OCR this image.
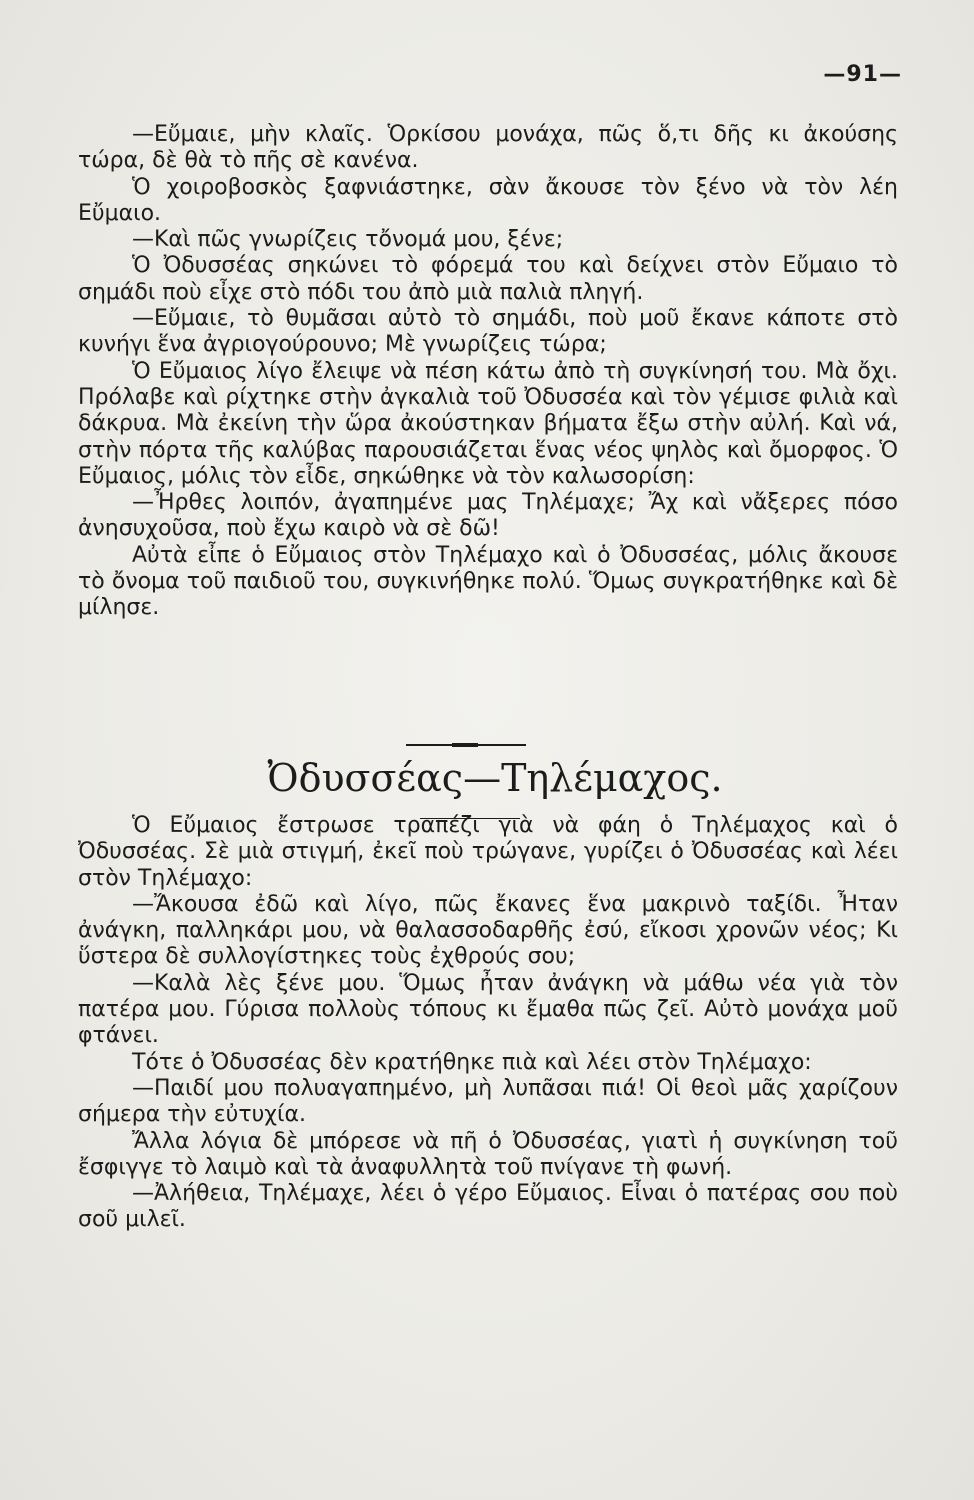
—91—

—Εὔμαιε, μὴν κλαῖς. Ὁρκίσου μονάχα, πῶς ὅ,τι δῆς κι ἀκούσης τώρα, δὲ θὰ τὸ πῆς σὲ κανένα.

Ὁ χοιροβοσκὸς ξαφνιάστηκε, σὰν ἄκουσε τὸν ξένο νὰ τὸν λέη Εὔμαιο.

—Καὶ πῶς γνωρίζεις τὄνομά μου, ξένε;

Ὁ Ὀδυσσέας σηκώνει τὸ φόρεμά του καὶ δείχνει στὸν Εὔμαιο τὸ σημάδι ποὺ εἶχε στὸ πόδι του ἀπὸ μιὰ παλιὰ πληγή.

—Εὔμαιε, τὸ θυμᾶσαι αὐτὸ τὸ σημάδι, ποὺ μοῦ ἔκανε κάποτε στὸ κυνήγι ἕνα ἀγριογούρουνο; Μὲ γνωρίζεις τώρα;

Ὁ Εὔμαιος λίγο ἔλειψε νὰ πέση κάτω ἀπὸ τὴ συγκίνησή του. Μὰ ὄχι. Πρόλαβε καὶ ρίχτηκε στὴν ἀγκαλιὰ τοῦ Ὀδυσσέα καὶ τὸν γέμισε φιλιὰ καὶ δάκρυα. Μὰ ἐκείνη τὴν ὥρα ἀκούστηκαν βήματα ἔξω στὴν αὐλή. Καὶ νά, στὴν πόρτα τῆς καλύβας παρουσιάζεται ἕνας νέος ψηλὸς καὶ ὄμορφος. Ὁ Εὔμαιος, μόλις τὸν εἶδε, σηκώθηκε νὰ τὸν καλωσορίση:

—Ἦρθες λοιπόν, ἀγαπημένε μας Τηλέμαχε; Ἄχ καὶ νἄξερες πόσο ἀνησυχοῦσα, ποὺ ἔχω καιρὸ νὰ σὲ δῶ!

Αὐτὰ εἶπε ὁ Εὔμαιος στὸν Τηλέμαχο καὶ ὁ Ὀδυσσέας, μόλις ἄκουσε τὸ ὄνομα τοῦ παιδιοῦ του, συγκινήθηκε πολύ. Ὅμως συγκρατήθηκε καὶ δὲ μίλησε.

Ὀδυσσέας—Τηλέμαχος.

Ὁ Εὔμαιος ἔστρωσε τραπέζι γιὰ νὰ φάη ὁ Τηλέμαχος καὶ ὁ Ὀδυσσέας. Σὲ μιὰ στιγμή, ἐκεῖ ποὺ τρώγανε, γυρίζει ὁ Ὀδυσσέας καὶ λέει στὸν Τηλέμαχο:

—Ἄκουσα ἐδῶ καὶ λίγο, πῶς ἔκανες ἕνα μακρινὸ ταξίδι. Ἦταν ἀνάγκη, παλληκάρι μου, νὰ θαλασσοδαρθῆς ἐσύ, εἴκοσι χρονῶν νέος; Κι ὕστερα δὲ συλλογίστηκες τοὺς ἐχθρούς σου;

—Καλὰ λὲς ξένε μου. Ὅμως ἦταν ἀνάγκη νὰ μάθω νέα γιὰ τὸν πατέρα μου. Γύρισα πολλοὺς τόπους κι ἔμαθα πῶς ζεῖ. Αὐτὸ μονάχα μοῦ φτάνει.

Τότε ὁ Ὀδυσσέας δὲν κρατήθηκε πιὰ καὶ λέει στὸν Τηλέμαχο:

—Παιδί μου πολυαγαπημένο, μὴ λυπᾶσαι πιά! Οἱ θεοὶ μᾶς χαρίζουν σήμερα τὴν εὐτυχία.

Ἄλλα λόγια δὲ μπόρεσε νὰ πῆ ὁ Ὀδυσσέας, γιατὶ ἡ συγκίνηση τοῦ ἔσφιγγε τὸ λαιμὸ καὶ τὰ ἀναφυλλητὰ τοῦ πνίγανε τὴ φωνή.

—Ἀλήθεια, Τηλέμαχε, λέει ὁ γέρο Εὔμαιος. Εἶναι ὁ πατέρας σου ποὺ σοῦ μιλεῖ.
